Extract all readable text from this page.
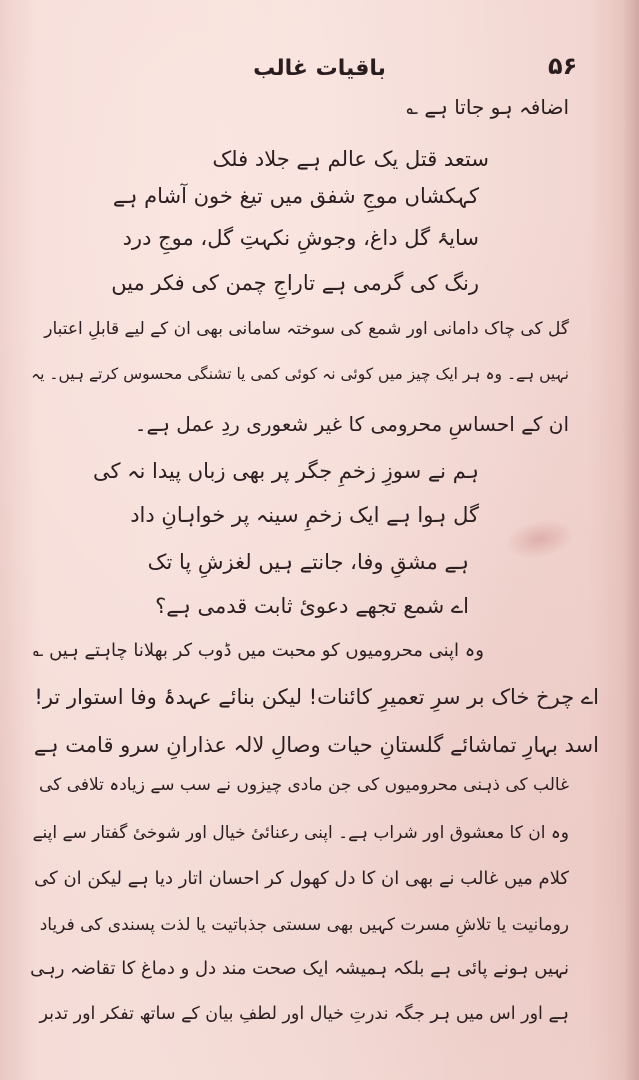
۵۶
باقیات غالب
اضافہ ہو جاتا ہے ؎
ستعد قتل یک عالم ہے جلاد فلک
کہکشاں موجِ شفق میں تیغ خون آشام ہے
سایۂ گل داغ، وجوشِ نکہتِ گل، موجِ درد
رنگ کی گرمی ہے تاراجِ چمن کی فکر میں
گل کی چاک دامانی اور شمع کی سوختہ سامانی بھی ان کے لیے قابلِ اعتبار
نہیں ہے۔ وہ ہر ایک چیز میں کوئی نہ کوئی کمی یا تشنگی محسوس کرتے ہیں۔ یہ
ان کے احساسِ محرومی کا غیر شعوری ردِ عمل ہے۔
ہم نے سوزِ زخمِ جگر پر بھی زباں پیدا نہ کی
گل ہوا ہے ایک زخمِ سینہ پر خواہانِ داد
ہے مشقِ وفا، جانتے ہیں لغزشِ پا تک
اے شمع تجھے دعویٔ ثابت قدمی ہے؟
وہ اپنی محرومیوں کو محبت میں ڈوب کر بھلانا چاہتے ہیں ؎
اے چرخ خاک بر سرِ تعمیرِ کائنات! لیکن بنائے عہدۂ وفا استوار تر!
اسد بہارِ تماشائے گلستانِ حیات وصالِ لالہ عذارانِ سرو قامت ہے
غالب کی ذہنی محرومیوں کی جن مادی چیزوں نے سب سے زیادہ تلافی کی
وہ ان کا معشوق اور شراب ہے۔ اپنی رعنائیٔ خیال اور شوخیٔ گفتار سے اپنے
کلام میں غالب نے بھی ان کا دل کھول کر احسان اتار دیا ہے لیکن ان کی
رومانیت یا تلاشِ مسرت کہیں بھی سستی جذباتیت یا لذت پسندی کی فریاد
نہیں ہونے پائی ہے بلکہ ہمیشہ ایک صحت مند دل و دماغ کا تقاضہ رہی
ہے اور اس میں ہر جگہ ندرتِ خیال اور لطفِ بیان کے ساتھ تفکر اور تدبر
